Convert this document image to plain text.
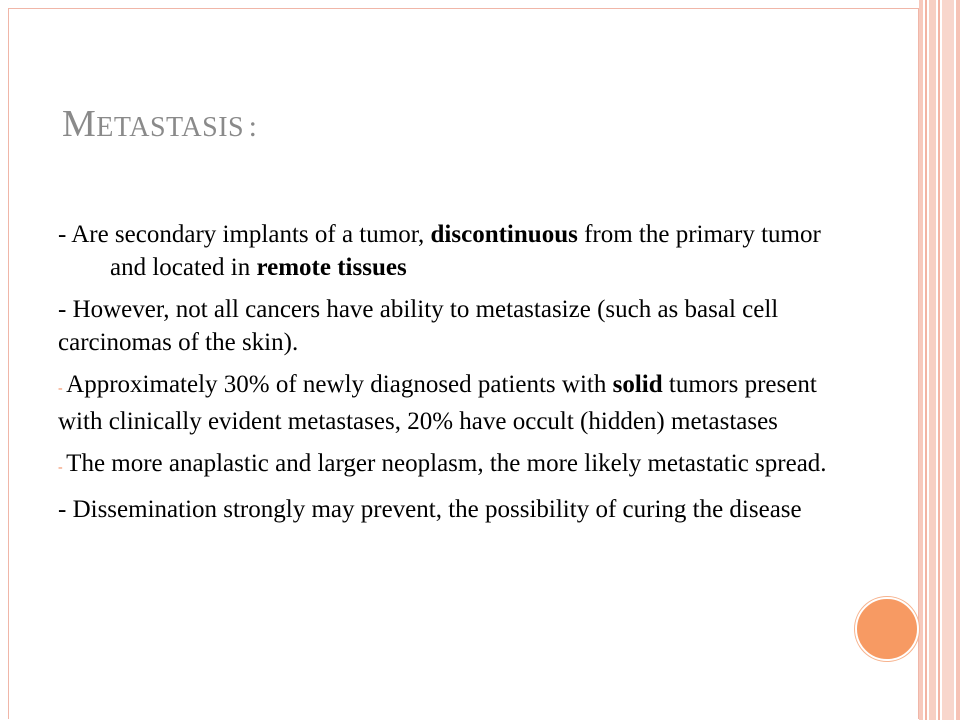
METASTASIS :

- Are secondary implants of a tumor, discontinuous from the primary tumor and located in remote tissues

- However, not all cancers have ability to metastasize (such as basal cell carcinomas of the skin).

- Approximately 30% of newly diagnosed patients with solid tumors present with clinically evident metastases, 20% have occult (hidden) metastases

- The more anaplastic and larger neoplasm, the more likely metastatic spread.

- Dissemination strongly may prevent, the possibility of curing the disease
